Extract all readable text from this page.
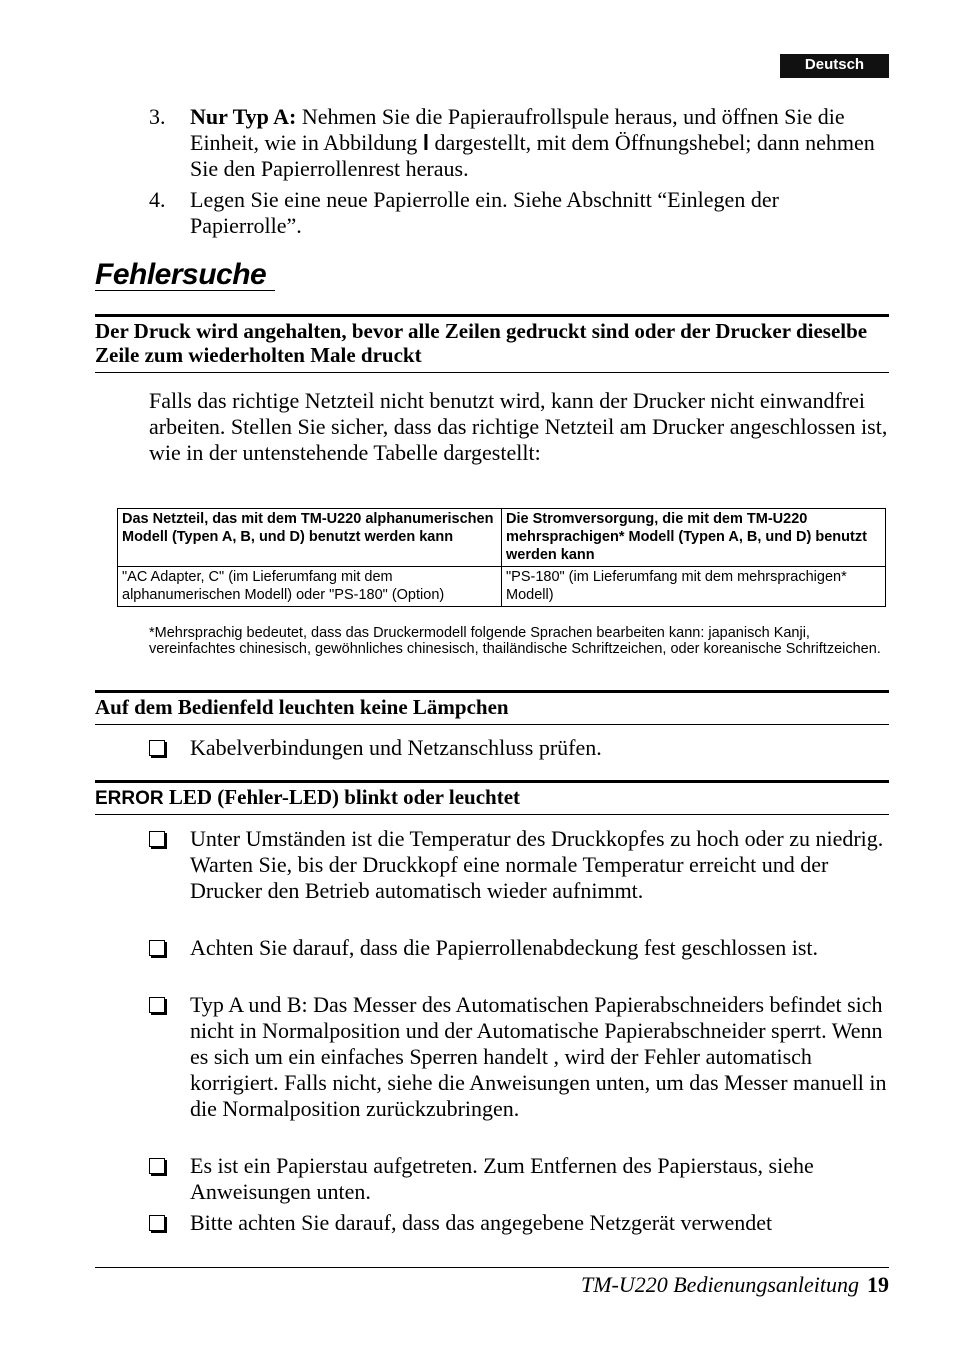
Deutsch
3. Nur Typ A: Nehmen Sie die Papieraufrollspule heraus, und öffnen Sie die Einheit, wie in Abbildung l dargestellt, mit dem Öffnungshebel; dann nehmen Sie den Papierrollenrest heraus.
4. Legen Sie eine neue Papierrolle ein. Siehe Abschnitt “Einlegen der Papierrolle”.
Fehlersuche
Der Druck wird angehalten, bevor alle Zeilen gedruckt sind oder der Drucker dieselbe Zeile zum wiederholten Male druckt
Falls das richtige Netzteil nicht benutzt wird, kann der Drucker nicht einwandfrei arbeiten. Stellen Sie sicher, dass das richtige Netzteil am Drucker angeschlossen ist, wie in der untenstehende Tabelle dargestellt:
Das Netzteil, das mit dem TM-U220 alphanumerischen Modell (Typen A, B, und D) benutzt werden kann	Die Stromversorgung, die mit dem TM-U220 mehrsprachigen* Modell (Typen A, B, und D) benutzt werden kann
"AC Adapter, C" (im Lieferumfang mit dem alphanumerischen Modell) oder "PS-180" (Option)	"PS-180" (im Lieferumfang mit dem mehrsprachigen* Modell)
*Mehrsprachig bedeutet, dass das Druckermodell folgende Sprachen bearbeiten kann: japanisch Kanji, vereinfachtes chinesisch, gewöhnliches chinesisch, thailändische Schriftzeichen, oder koreanische Schriftzeichen.
Auf dem Bedienfeld leuchten keine Lämpchen
Kabelverbindungen und Netzanschluss prüfen.
ERROR LED (Fehler-LED) blinkt oder leuchtet
Unter Umständen ist die Temperatur des Druckkopfes zu hoch oder zu niedrig. Warten Sie, bis der Druckkopf eine normale Temperatur erreicht und der Drucker den Betrieb automatisch wieder aufnimmt.
Achten Sie darauf, dass die Papierrollenabdeckung fest geschlossen ist.
Typ A und B: Das Messer des Automatischen Papierabschneiders befindet sich nicht in Normalposition und der Automatische Papierabschneider sperrt. Wenn es sich um ein einfaches Sperren handelt , wird der Fehler automatisch korrigiert. Falls nicht, siehe die Anweisungen unten, um das Messer manuell in die Normalposition zurückzubringen.
Es ist ein Papierstau aufgetreten. Zum Entfernen des Papierstaus, siehe Anweisungen unten.
Bitte achten Sie darauf, dass das angegebene Netzgerät verwendet
TM-U220 Bedienungsanleitung 19
